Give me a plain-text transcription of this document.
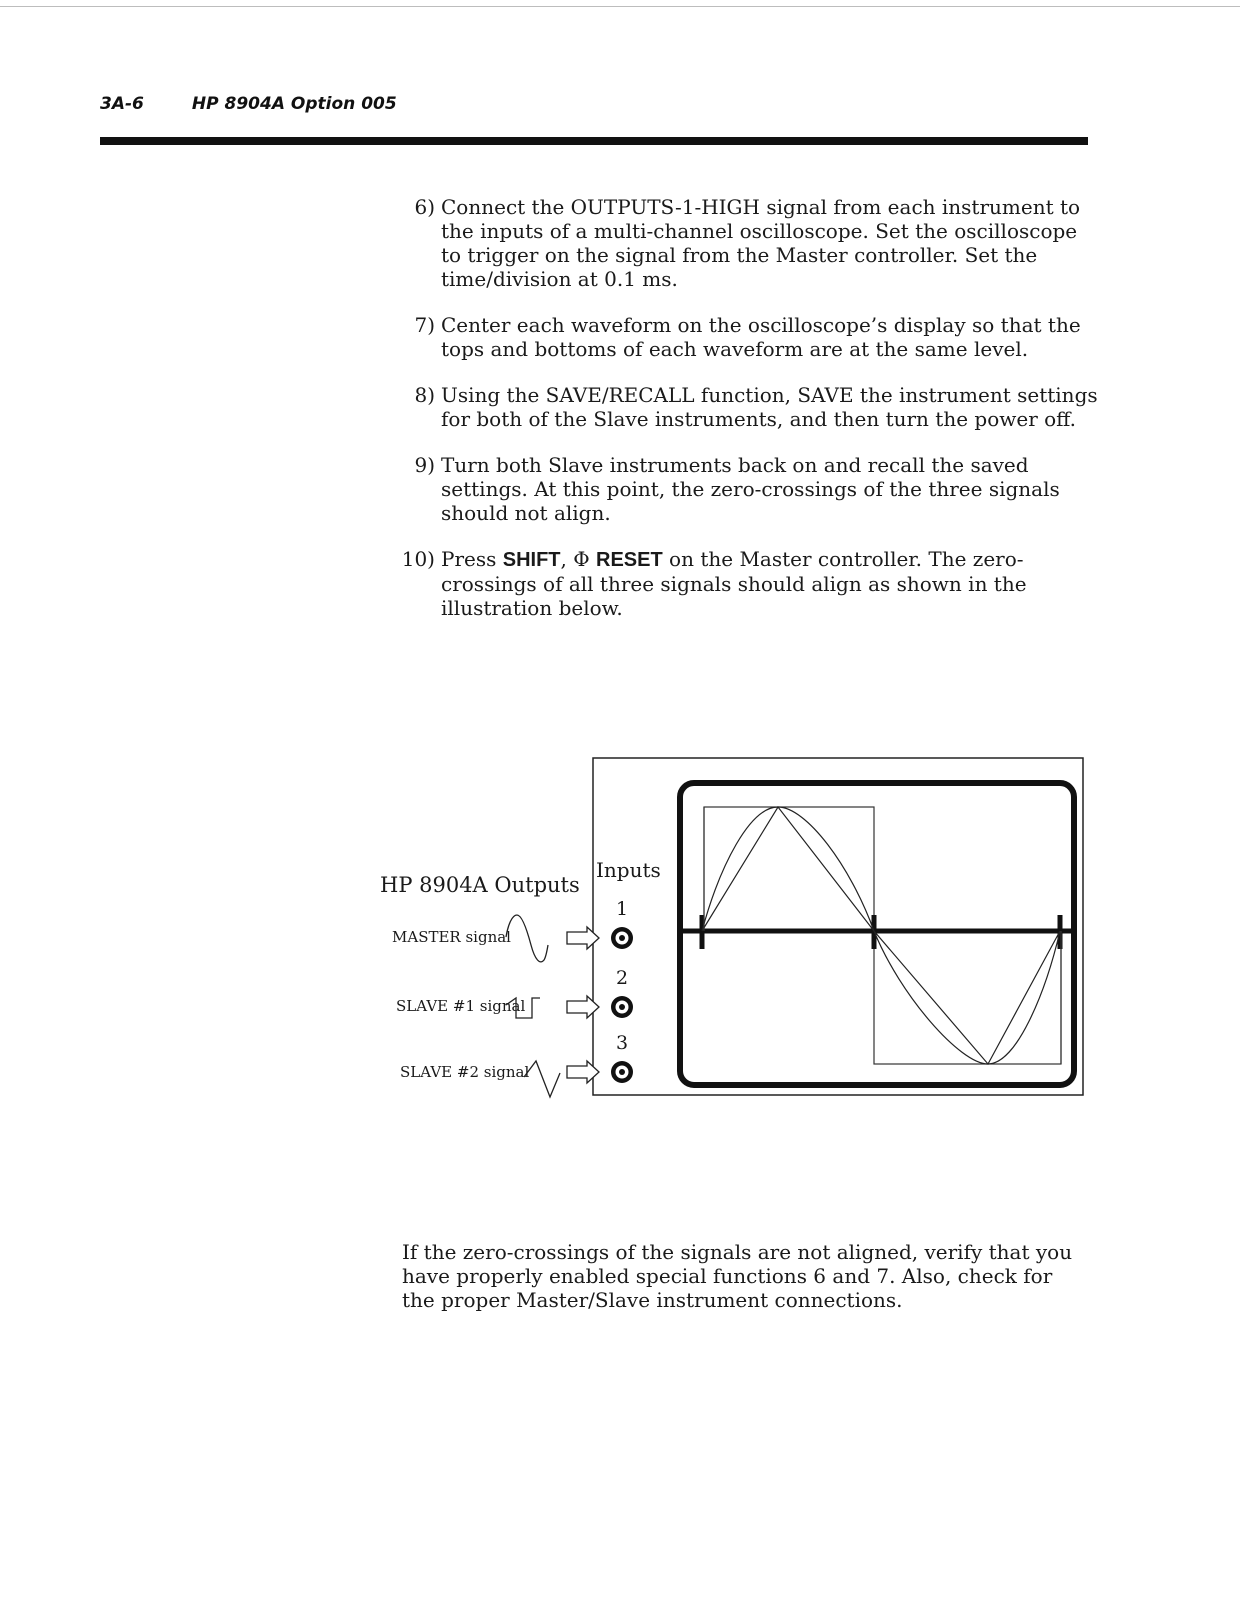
3A-6	HP 8904A Option 005
6) Connect the OUTPUTS-1-HIGH signal from each instrument to the inputs of a multi-channel oscilloscope. Set the oscilloscope to trigger on the signal from the Master controller. Set the time/division at 0.1 ms.
7) Center each waveform on the oscilloscope’s display so that the tops and bottoms of each waveform are at the same level.
8) Using the SAVE/RECALL function, SAVE the instrument settings for both of the Slave instruments, and then turn the power off.
9) Turn both Slave instruments back on and recall the saved settings. At this point, the zero-crossings of the three signals should not align.
10) Press SHIFT, Φ RESET on the Master controller. The zero-crossings of all three signals should align as shown in the illustration below.
HP 8904A Outputs
Inputs
MASTER signal
SLAVE #1 signal
SLAVE #2 signal
1
2
3
If the zero-crossings of the signals are not aligned, verify that you have properly enabled special functions 6 and 7. Also, check for the proper Master/Slave instrument connections.
